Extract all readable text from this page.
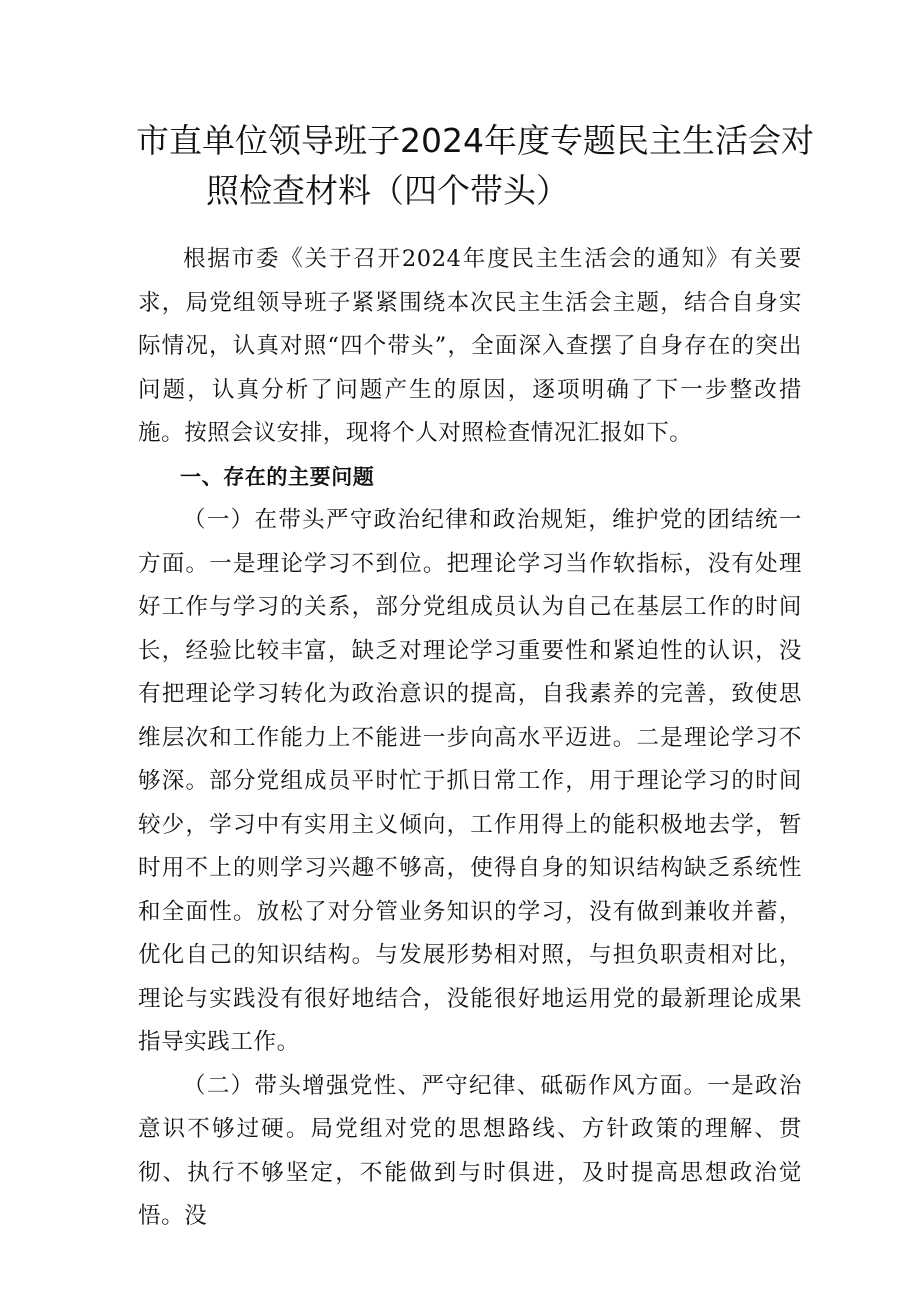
市直单位领导班子2024年度专题民主生活会对
照检查材料（四个带头）

根据市委《关于召开2024年度民主生活会的通知》有关要求，局党组领导班子紧紧围绕本次民主生活会主题，结合自身实际情况，认真对照“四个带头”，全面深入查摆了自身存在的突出问题，认真分析了问题产生的原因，逐项明确了下一步整改措施。按照会议安排，现将个人对照检查情况汇报如下。

一、存在的主要问题

（一）在带头严守政治纪律和政治规矩，维护党的团结统一方面。一是理论学习不到位。把理论学习当作软指标，没有处理好工作与学习的关系，部分党组成员认为自己在基层工作的时间长，经验比较丰富，缺乏对理论学习重要性和紧迫性的认识，没有把理论学习转化为政治意识的提高，自我素养的完善，致使思维层次和工作能力上不能进一步向高水平迈进。二是理论学习不够深。部分党组成员平时忙于抓日常工作，用于理论学习的时间较少，学习中有实用主义倾向，工作用得上的能积极地去学，暂时用不上的则学习兴趣不够高，使得自身的知识结构缺乏系统性和全面性。放松了对分管业务知识的学习，没有做到兼收并蓄，优化自己的知识结构。与发展形势相对照，与担负职责相对比，理论与实践没有很好地结合，没能很好地运用党的最新理论成果指导实践工作。

（二）带头增强党性、严守纪律、砥砺作风方面。一是政治意识不够过硬。局党组对党的思想路线、方针政策的理解、贯彻、执行不够坚定，不能做到与时俱进，及时提高思想政治觉悟。没
